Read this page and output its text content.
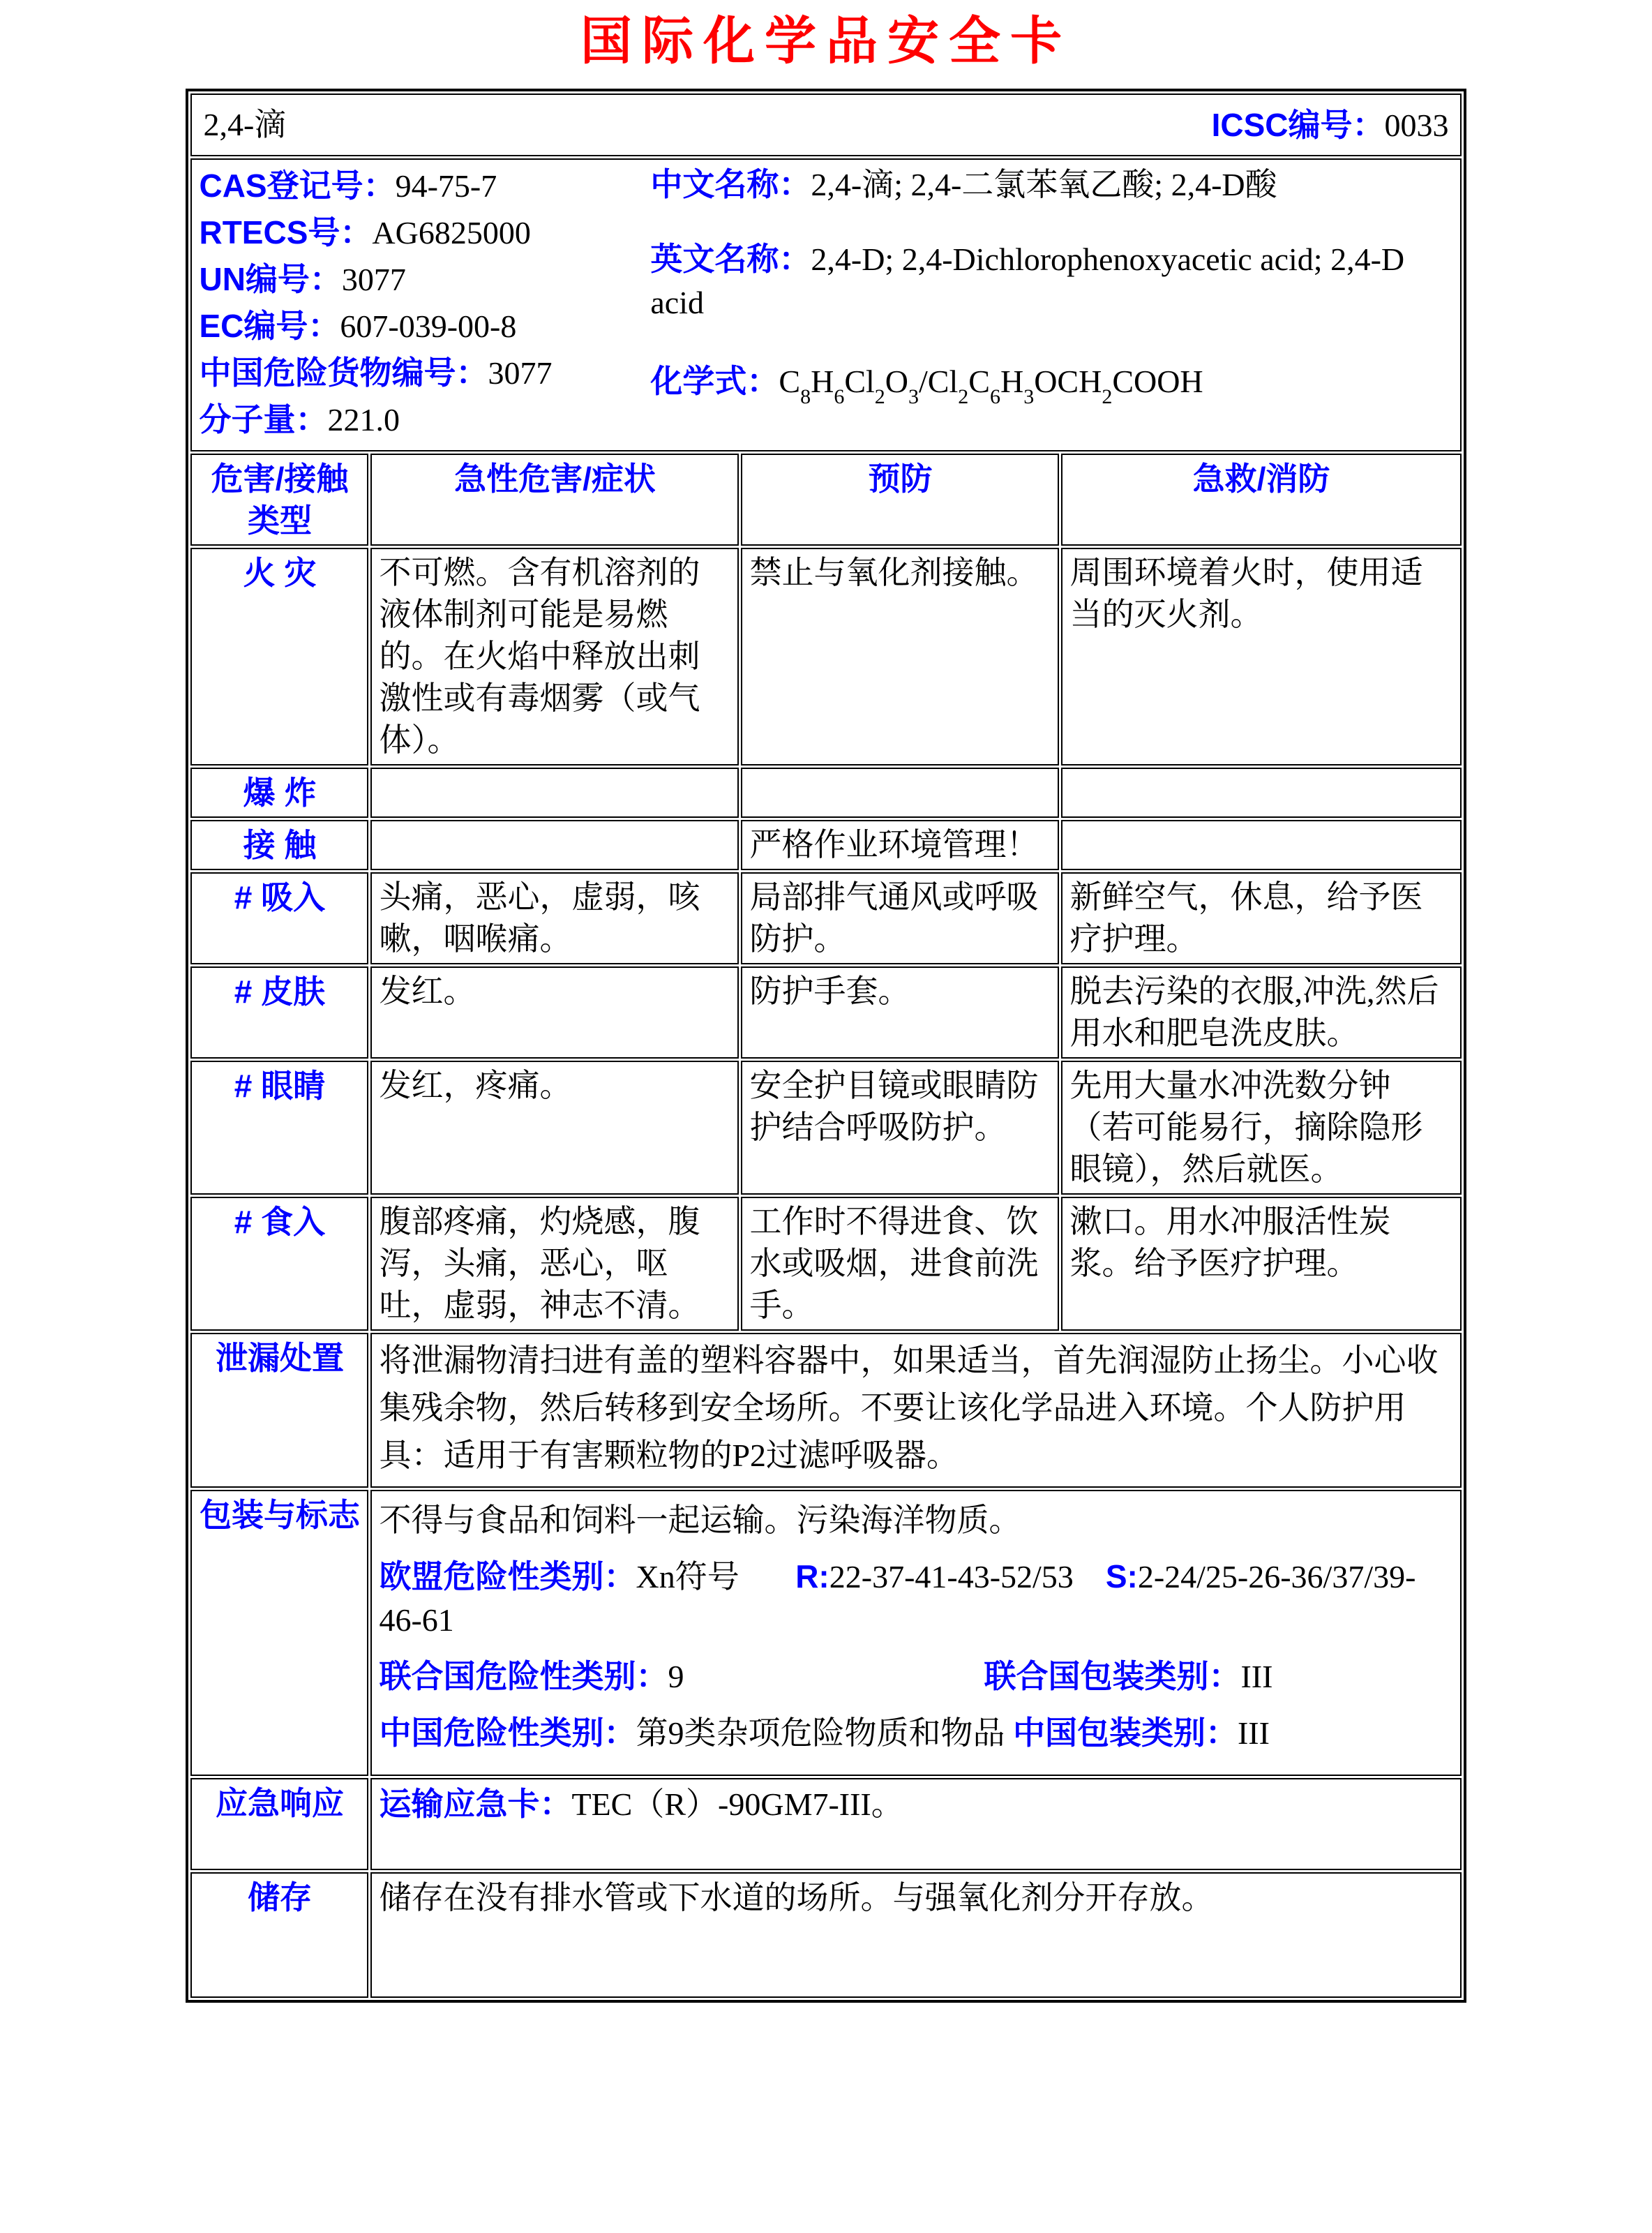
国际化学品安全卡
2,4-滴 ICSC编号：0033			

CAS登记号：94-75-7
RTECS号：AG6825000
UN编号：3077
EC编号：607-039-00-8
中国危险货物编号：3077
分子量：221.0
中文名称：2,4-滴; 2,4-二氯苯氧乙酸; 2,4-D酸
英文名称：2,4-D; 2,4-Dichlorophenoxyacetic acid; 2,4-D acid
化学式：$C_8H_6Cl_2O_3/Cl_2C_6H_3OCH_2COOH$

危害/接触类型	急性危害/症状	预防	急救/消防
火 灾	不可燃。含有机溶剂的液体制剂可能是易燃的。在火焰中释放出刺激性或有毒烟雾（或气体）。	禁止与氧化剂接触。	周围环境着火时，使用适当的灭火剂。
爆 炸			
接 触		严格作业环境管理！	
# 吸入	头痛，恶心，虚弱，咳嗽，咽喉痛。	局部排气通风或呼吸防护。	新鲜空气，休息，给予医疗护理。
# 皮肤	发红。	防护手套。	脱去污染的衣服,冲洗,然后用水和肥皂洗皮肤。
# 眼睛	发红，疼痛。	安全护目镜或眼睛防护结合呼吸防护。	先用大量水冲洗数分钟（若可能易行，摘除隐形眼镜），然后就医。
# 食入	腹部疼痛，灼烧感，腹泻，头痛，恶心，呕吐，虚弱，神志不清。	工作时不得进食、饮水或吸烟，进食前洗手。	漱口。用水冲服活性炭浆。给予医疗护理。
泄漏处置	将泄漏物清扫进有盖的塑料容器中，如果适当，首先润湿防止扬尘。小心收集残余物，然后转移到安全场所。不要让该化学品进入环境。个人防护用具：适用于有害颗粒物的P2过滤呼吸器。		

包装与标志	不得与食品和饲料一起运输。污染海洋物质。
欧盟危险性类别：Xn符号       R:22-37-41-43-52/53    S:2-24/25-26-36/37/39-46-61
联合国危险性类别：9 联合国包装类别：III
中国危险性类别：第9类杂项危险物质和物品 中国包装类别：III		

应急响应	运输应急卡：TEC（R）-90GM7-III。		

储存	储存在没有排水管或下水道的场所。与强氧化剂分开存放。		
